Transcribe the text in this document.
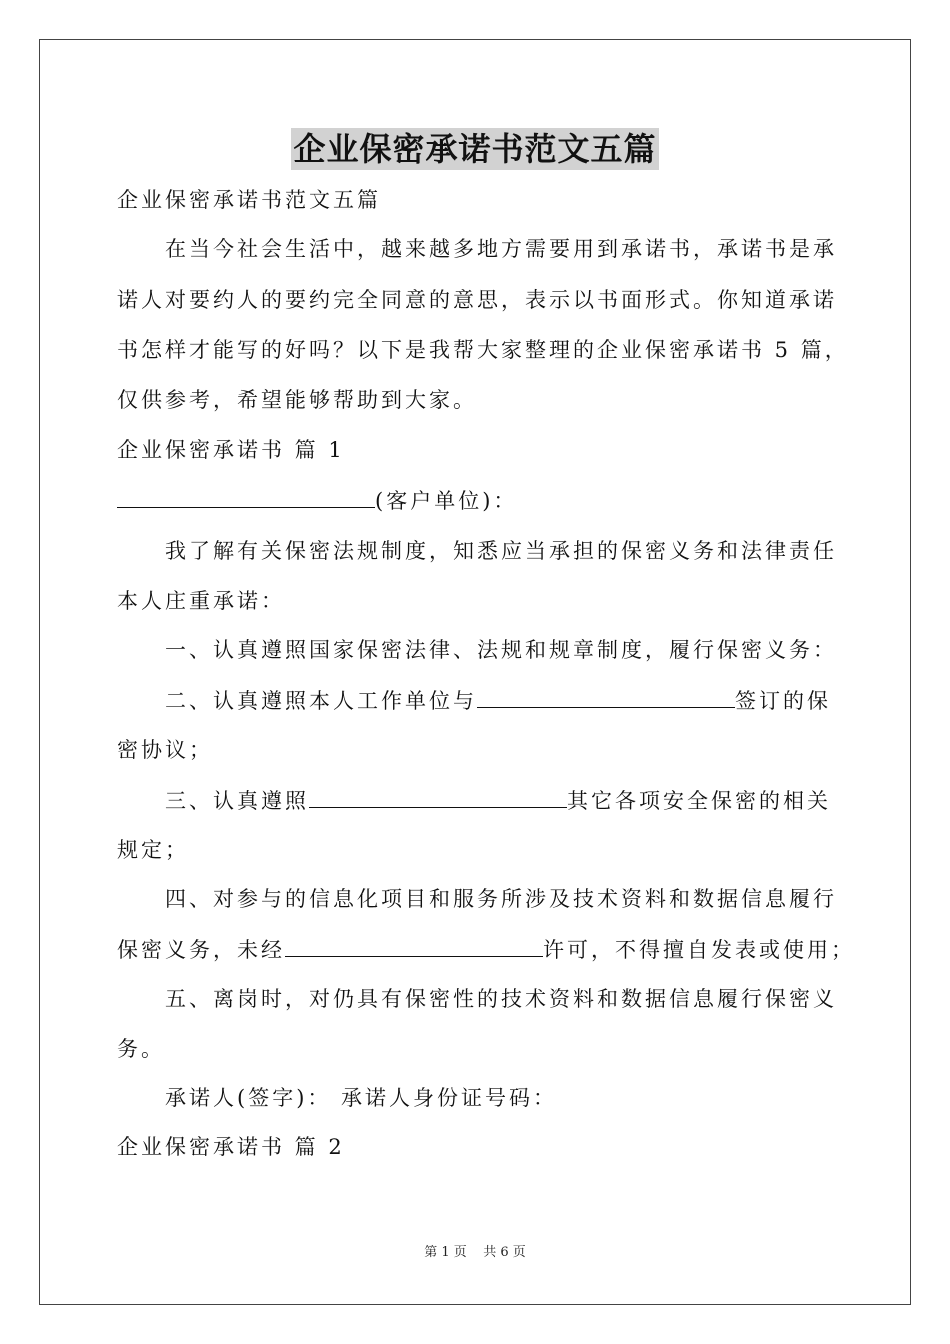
企业保密承诺书范文五篇
企业保密承诺书范文五篇
在当今社会生活中，越来越多地方需要用到承诺书，承诺书是承
诺人对要约人的要约完全同意的意思，表示以书面形式。你知道承诺
书怎样才能写的好吗？以下是我帮大家整理的企业保密承诺书 5 篇，
仅供参考，希望能够帮助到大家。
企业保密承诺书 篇 1
(客户单位)：
我了解有关保密法规制度，知悉应当承担的保密义务和法律责任
本人庄重承诺：
一、认真遵照国家保密法律、法规和规章制度，履行保密义务：
二、认真遵照本人工作单位与	签订的保
密协议；
三、认真遵照	其它各项安全保密的相关
规定；
四、对参与的信息化项目和服务所涉及技术资料和数据信息履行
保密义务，未经	许可，不得擅自发表或使用；
五、离岗时，对仍具有保密性的技术资料和数据信息履行保密义
务。
承诺人(签字)： 承诺人身份证号码：
企业保密承诺书 篇 2
第 1 页    共 6 页
